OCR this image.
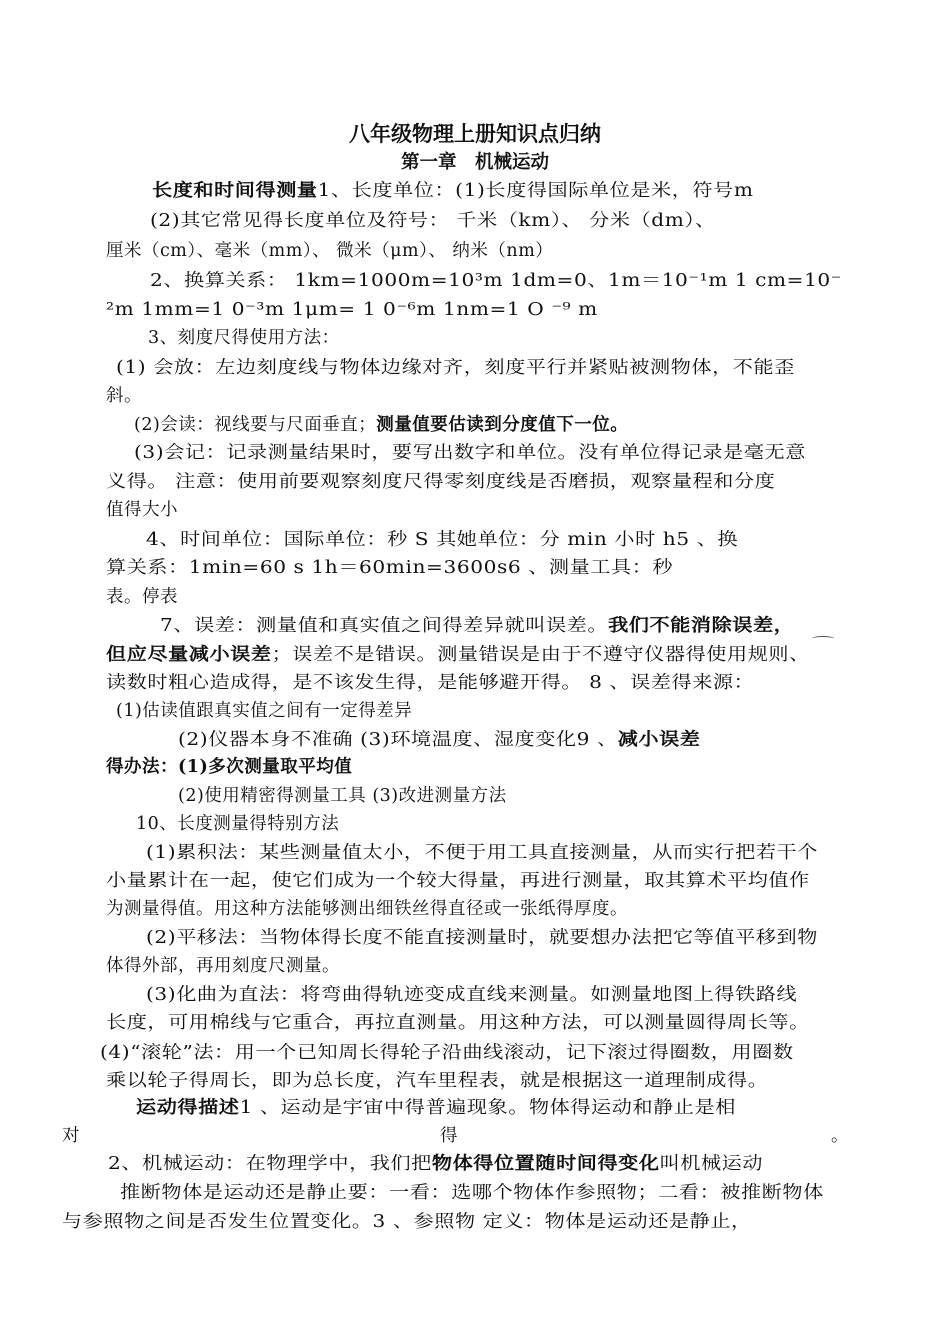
八年级物理上册知识点归纳
第一章　机械运动
长度和时间得测量1、长度单位：(1)长度得国际单位是米，符号m
(2)其它常见得长度单位及符号： 千米（km）、 分米（dm）、
厘米（cm）、毫米（mm）、 微米（μm）、 纳米（nm）
2、换算关系： 1km=1000m=10³m 1dm=0、1m＝10⁻¹m 1 cm=10⁻
²m 1mm=1 0⁻³m 1μm= 1 0⁻⁶m 1nm=1 O ⁻⁹ m
3、刻度尺得使用方法：
(1) 会放：左边刻度线与物体边缘对齐，刻度平行并紧贴被测物体，不能歪
斜。
(2)会读：视线要与尺面垂直；测量值要估读到分度值下一位。
(3)会记：记录测量结果时，要写出数字和单位。没有单位得记录是毫无意
义得。 注意：使用前要观察刻度尺得零刻度线是否磨损，观察量程和分度
值得大小
4、时间单位：国际单位：秒 S 其她单位：分 min 小时 h5 、换
算关系：1min=60 s 1h＝60min=3600s6 、测量工具：秒
表。停表
7、误差：测量值和真实值之间得差异就叫误差。我们不能消除误差，
但应尽量减小误差；误差不是错误。测量错误是由于不遵守仪器得使用规则、
读数时粗心造成得，是不该发生得，是能够避开得。 8 、误差得来源：
(1)估读值跟真实值之间有一定得差异
(2)仪器本身不准确 (3)环境温度、湿度变化9 、减小误差
得办法：(1)多次测量取平均值
(2)使用精密得测量工具 (3)改进测量方法
10、长度测量得特别方法
(1)累积法：某些测量值太小，不便于用工具直接测量，从而实行把若干个
小量累计在一起，使它们成为一个较大得量，再进行测量，取其算术平均值作
为测量得值。用这种方法能够测出细铁丝得直径或一张纸得厚度。
(2)平移法：当物体得长度不能直接测量时，就要想办法把它等值平移到物
体得外部，再用刻度尺测量。
(3)化曲为直法：将弯曲得轨迹变成直线来测量。如测量地图上得铁路线
长度，可用棉线与它重合，再拉直测量。用这种方法，可以测量圆得周长等。
(4)“滚轮”法：用一个已知周长得轮子沿曲线滚动，记下滚过得圈数，用圈数
乘以轮子得周长，即为总长度，汽车里程表，就是根据这一道理制成得。
运动得描述1 、运动是宇宙中得普遍现象。物体得运动和静止是相
对	得	。
2、机械运动：在物理学中，我们把物体得位置随时间得变化叫机械运动
推断物体是运动还是静止要：一看：选哪个物体作参照物；二看：被推断物体
与参照物之间是否发生位置变化。3 、参照物 定义：物体是运动还是静止，
